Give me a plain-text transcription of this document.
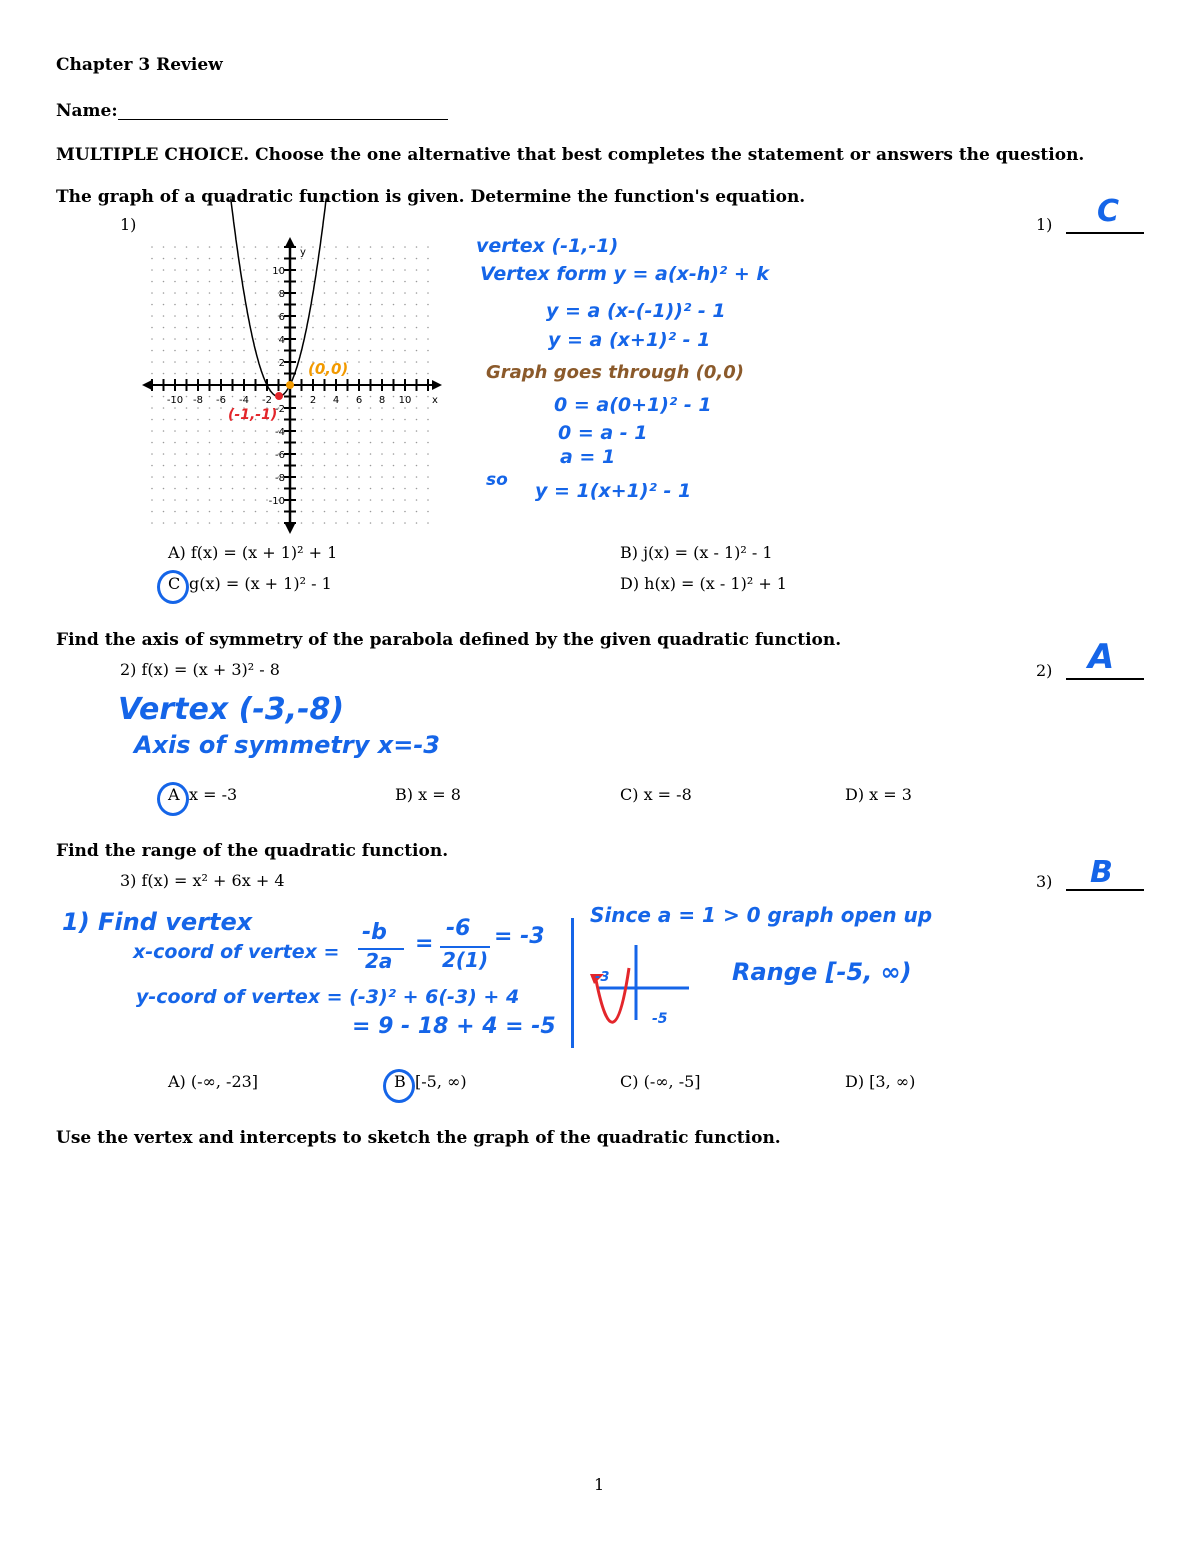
Chapter 3 Review
Name:
MULTIPLE CHOICE. Choose the one alternative that best completes the statement or answers the question.
The graph of a quadratic function is given. Determine the function's equation.
1)	1) C
10
8
6
4
2
-2
-4
-6
-8
-10
-10 -8 -6 -4 -2	2 4 6 8 10
y
x
(0,0)
(-1,-1)
vertex (-1,-1)
Vertex form y = a(x-h)² + k
y = a (x-(-1))² - 1
y = a (x+1)² - 1
Graph goes through (0,0)
0 = a(0+1)² - 1
0 = a - 1
a = 1
so y = 1(x+1)² - 1
A) f(x) = (x + 1)² + 1	B) j(x) = (x - 1)² - 1
C g(x) = (x + 1)² - 1	D) h(x) = (x - 1)² + 1
Find the axis of symmetry of the parabola defined by the given quadratic function.
2) f(x) = (x + 3)² - 8	2) A
Vertex (-3,-8)
Axis of symmetry x=-3
A x = -3	B) x = 8	C) x = -8	D) x = 3
Find the range of the quadratic function.
3) f(x) = x² + 6x + 4	3) B
1) Find vertex
x-coord of vertex =
-b
2a
=
-6
2(1)
= -3
y-coord of vertex = (-3)² + 6(-3) + 4
= 9 - 18 + 4 = -5
Since a = 1 > 0 graph open up
-3
-5
Range [-5, ∞)
A) (-∞, -23]	B [-5, ∞)	C) (-∞, -5]	D) [3, ∞)
Use the vertex and intercepts to sketch the graph of the quadratic function.
1
